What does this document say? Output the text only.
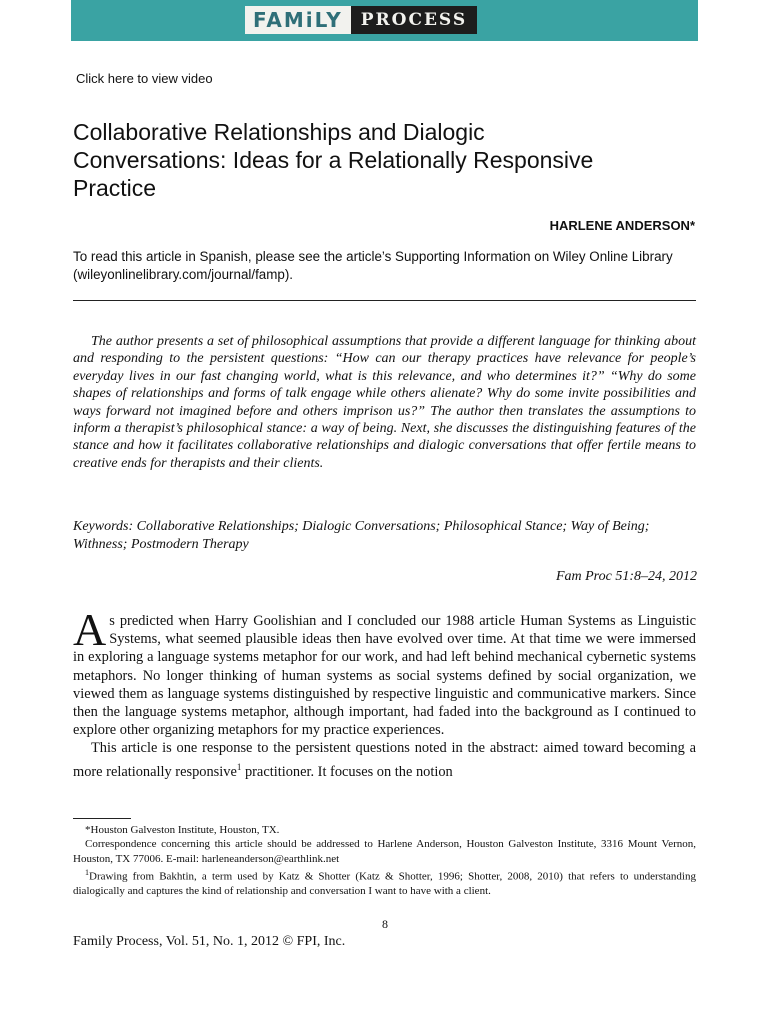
FAMiLY	PROCESS
Click here to view video
Collaborative Relationships and Dialogic Conversations: Ideas for a Relationally Responsive Practice
HARLENE ANDERSON*
To read this article in Spanish, please see the article’s Supporting Information on Wiley Online Library (wileyonlinelibrary.com/journal/famp).

The author presents a set of philosophical assumptions that provide a different language for thinking about and responding to the persistent questions: “How can our therapy practices have relevance for people’s everyday lives in our fast changing world, what is this relevance, and who determines it?” “Why do some shapes of relationships and forms of talk engage while others alienate? Why do some invite possibilities and ways forward not imagined before and others imprison us?” The author then translates the assumptions to inform a therapist’s philosophical stance: a way of being. Next, she discusses the distinguishing features of the stance and how it facilitates collaborative relationships and dialogic conversations that offer fertile means to creative ends for therapists and their clients.

Keywords: Collaborative Relationships; Dialogic Conversations; Philosophical Stance; Way of Being; Withness; Postmodern Therapy
Fam Proc 51:8–24, 2012

As predicted when Harry Goolishian and I concluded our 1988 article Human Systems as Linguistic Systems, what seemed plausible ideas then have evolved over time. At that time we were immersed in exploring a language systems metaphor for our work, and had left behind mechanical cybernetic systems metaphors. No longer thinking of human systems as social systems defined by social organization, we viewed them as language systems distinguished by respective linguistic and communicative markers. Since then the language systems metaphor, although important, had faded into the background as I continued to explore other organizing metaphors for my practice experiences.

This article is one response to the persistent questions noted in the abstract: aimed toward becoming a more relationally responsive$^1$ practitioner. It focuses on the notion

*Houston Galveston Institute, Houston, TX.

Correspondence concerning this article should be addressed to Harlene Anderson, Houston Galveston Institute, 3316 Mount Vernon, Houston, TX 77006. E-mail: harleneanderson@earthlink.net

$^1$Drawing from Bakhtin, a term used by Katz & Shotter (Katz & Shotter, 1996; Shotter, 2008, 2010) that refers to understanding dialogically and captures the kind of relationship and conversation I want to have with a client.

8
Family Process, Vol. 51, No. 1, 2012 © FPI, Inc.
